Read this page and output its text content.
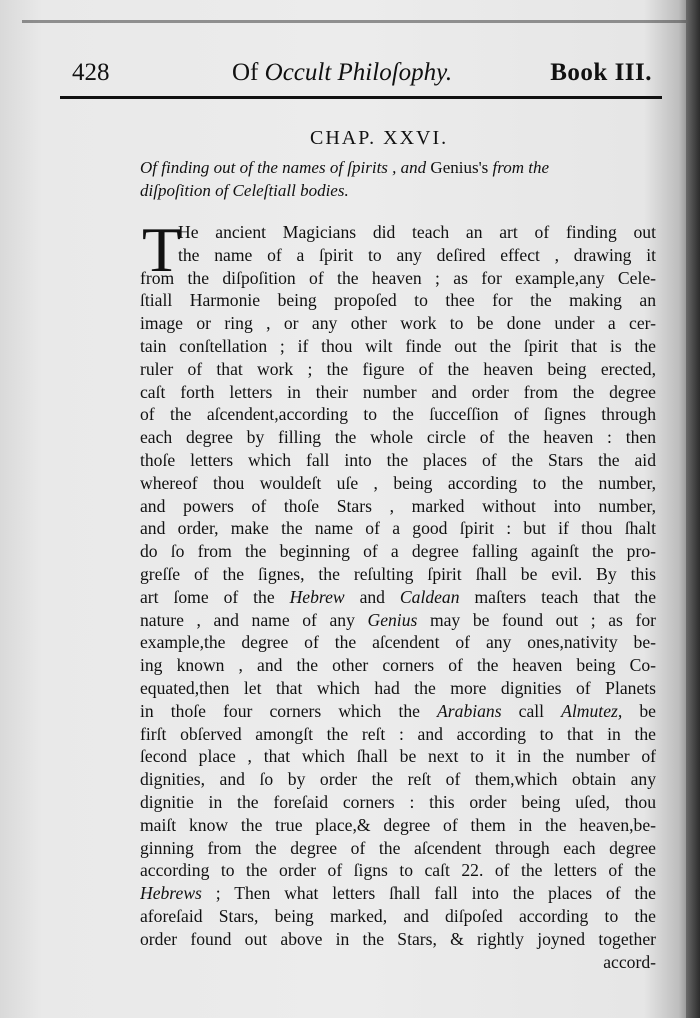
428	Of Occult Philoſophy.	Book III.
CHAP. XXVI.
Of finding out of the names of ſpirits , and Genius's from the
diſpoſition of Celeſtiall bodies.
T
He ancient Magicians did teach an art of finding out
the name of a ſpirit to any deſired effect , drawing it
from the diſpoſition of the heaven ; as for example,any Cele-
ſtiall Harmonie being propoſed to thee for the making an
image or ring , or any other work to be done under a cer-
tain conſtellation ; if thou wilt finde out the ſpirit that is the
ruler of that work ; the figure of the heaven being erected,
caſt forth letters in their number and order from the degree
of the aſcendent,according to the ſucceſſion of ſignes through
each degree by filling the whole circle of the heaven : then
thoſe letters which fall into the places of the Stars the aid
whereof thou wouldeſt uſe , being according to the number,
and powers of thoſe Stars , marked without into number,
and order, make the name of a good ſpirit : but if thou ſhalt
do ſo from the beginning of a degree falling againſt the pro-
greſſe of the ſignes, the reſulting ſpirit ſhall be evil. By this
art ſome of the Hebrew and Caldean maſters teach that the
nature , and name of any Genius may be found out ; as for
example,the degree of the aſcendent of any ones,nativity be-
ing known , and the other corners of the heaven being Co-
equated,then let that which had the more dignities of Planets
in thoſe four corners which the Arabians call Almutez, be
firſt obſerved amongſt the reſt : and according to that in the
ſecond place , that which ſhall be next to it in the number of
dignities, and ſo by order the reſt of them,which obtain any
dignitie in the foreſaid corners : this order being uſed, thou
maiſt know the true place,& degree of them in the heaven,be-
ginning from the degree of the aſcendent through each degree
according to the order of ſigns to caſt 22. of the letters of the
Hebrews ; Then what letters ſhall fall into the places of the
aforeſaid Stars, being marked, and diſpoſed according to the
order found out above in the Stars, & rightly joyned together
accord-
